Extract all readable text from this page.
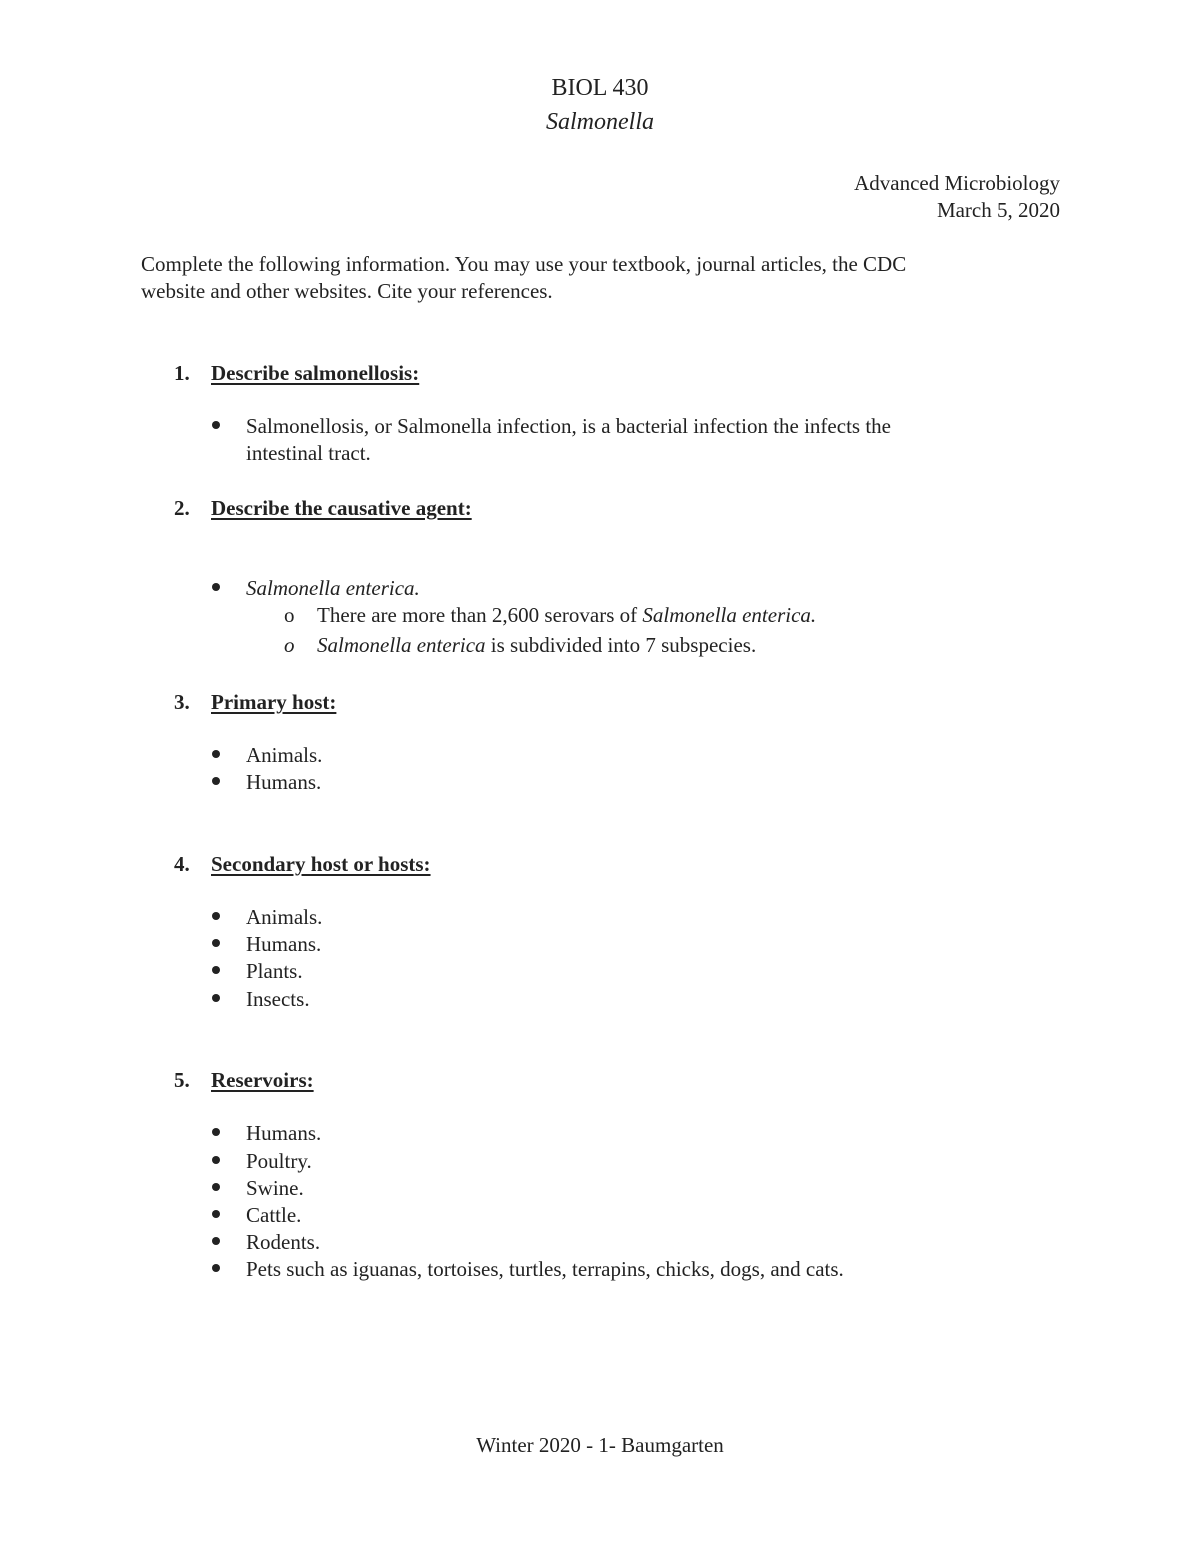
BIOL 430
Salmonella
Advanced Microbiology
March 5, 2020

Complete the following information. You may use your textbook, journal articles, the CDC

website and other websites. Cite your references.

1. Describe salmonellosis:
Salmonellosis, or Salmonella infection, is a bacterial infection the infects the
intestinal tract.
2. Describe the causative agent:
Salmonella enterica.
o There are more than 2,600 serovars of Salmonella enterica.
o Salmonella enterica is subdivided into 7 subspecies.
3. Primary host:
Animals.
Humans.
4. Secondary host or hosts:
Animals.
Humans.
Plants.
Insects.
5. Reservoirs:
Humans.
Poultry.
Swine.
Cattle.
Rodents.
Pets such as iguanas, tortoises, turtles, terrapins, chicks, dogs, and cats.
Winter 2020 - 1- Baumgarten
